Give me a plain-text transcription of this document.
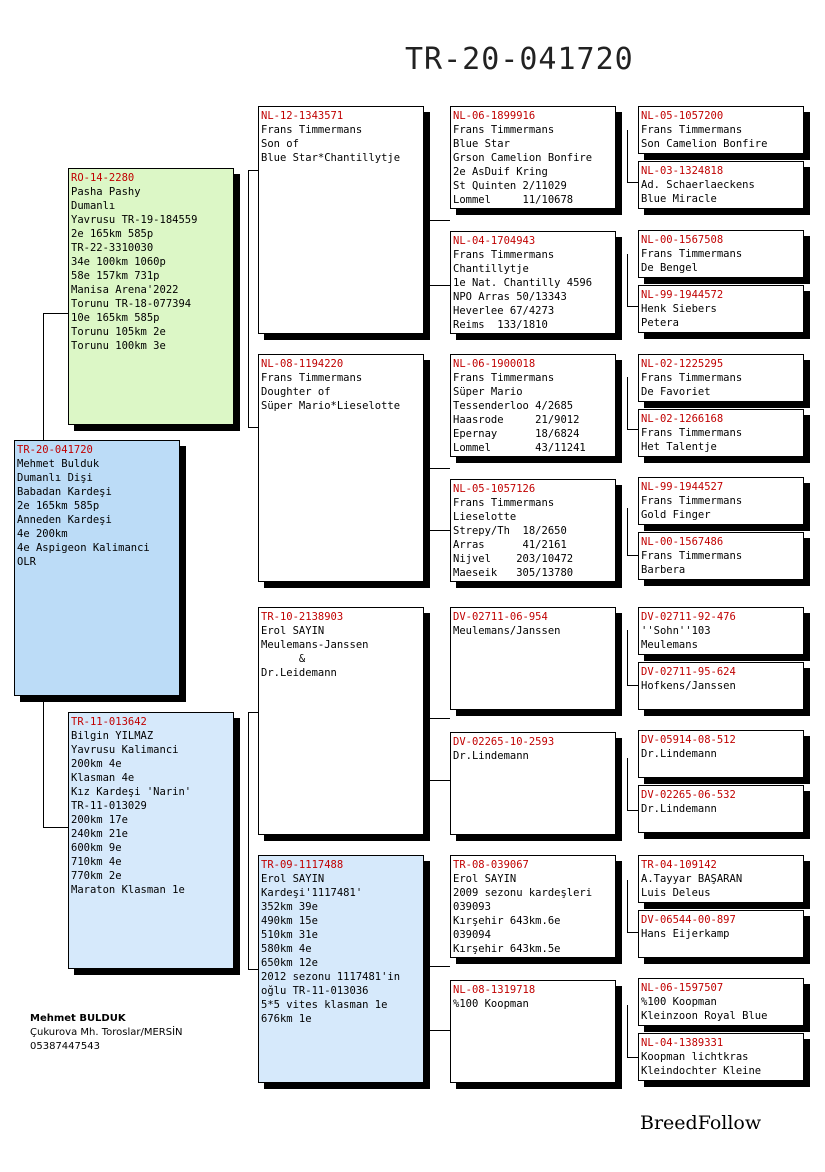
TR-20-041720
TR-20-041720
Mehmet Bulduk
Dumanlı Dişi
Babadan Kardeşi
2e 165km 585p
Anneden Kardeşi
4e 200km
4e Aspigeon Kalimanci
OLR
RO-14-2280
Pasha Pashy
Dumanlı
Yavrusu TR-19-184559
2e 165km 585p
TR-22-3310030
34e 100km 1060p
58e 157km 731p
Manisa Arena'2022
Torunu TR-18-077394
10e 165km 585p
Torunu 105km 2e
Torunu 100km 3e
TR-11-013642
Bilgin YILMAZ
Yavrusu Kalimanci
200km 4e
Klasman 4e
Kız Kardeşi 'Narin'
TR-11-013029
200km 17e
240km 21e
600km 9e
710km 4e
770km 2e
Maraton Klasman 1e
NL-12-1343571
Frans Timmermans
Son of
Blue Star*Chantillytje
NL-08-1194220
Frans Timmermans
Doughter of
Süper Mario*Lieselotte
TR-10-2138903
Erol SAYIN
Meulemans-Janssen
&
Dr.Leidemann
TR-09-1117488
Erol SAYIN
Kardeşi'1117481'
352km 39e
490km 15e
510km 31e
580km 4e
650km 12e
2012 sezonu 1117481'in
oğlu TR-11-013036
5*5 vites klasman 1e
676km 1e
NL-06-1899916
Frans Timmermans
Blue Star
Grson Camelion Bonfire
2e AsDuif Kring
St Quinten 2/11029
Lommel     11/10678
NL-04-1704943
Frans Timmermans
Chantillytje
1e Nat. Chantilly 4596
NPO Arras 50/13343
Heverlee 67/4273
Reims  133/1810
NL-06-1900018
Frans Timmermans
Süper Mario
Tessenderloo 4/2685
Haasrode     21/9012
Epernay      18/6824
Lommel       43/11241
NL-05-1057126
Frans Timmermans
Lieselotte
Strepy/Th  18/2650
Arras      41/2161
Nijvel    203/10472
Maeseik   305/13780
DV-02711-06-954
Meulemans/Janssen
DV-02265-10-2593
Dr.Lindemann
TR-08-039067
Erol SAYIN
2009 sezonu kardeşleri
039093
Kırşehir 643km.6e
039094
Kırşehir 643km.5e
NL-08-1319718
%100 Koopman
NL-05-1057200
Frans Timmermans
Son Camelion Bonfire
NL-03-1324818
Ad. Schaerlaeckens
Blue Miracle
NL-00-1567508
Frans Timmermans
De Bengel
NL-99-1944572
Henk Siebers
Petera
NL-02-1225295
Frans Timmermans
De Favoriet
NL-02-1266168
Frans Timmermans
Het Talentje
NL-99-1944527
Frans Timmermans
Gold Finger
NL-00-1567486
Frans Timmermans
Barbera
DV-02711-92-476
''Sohn''103
Meulemans
DV-02711-95-624
Hofkens/Janssen
DV-05914-08-512
Dr.Lindemann
DV-02265-06-532
Dr.Lindemann
TR-04-109142
A.Tayyar BAŞARAN
Luis Deleus
DV-06544-00-897
Hans Eijerkamp
NL-06-1597507
%100 Koopman
Kleinzoon Royal Blue
NL-04-1389331
Koopman lichtkras
Kleindochter Kleine
Mehmet BULDUK
Çukurova Mh. Toroslar/MERSİN
05387447543
BreedFollow
